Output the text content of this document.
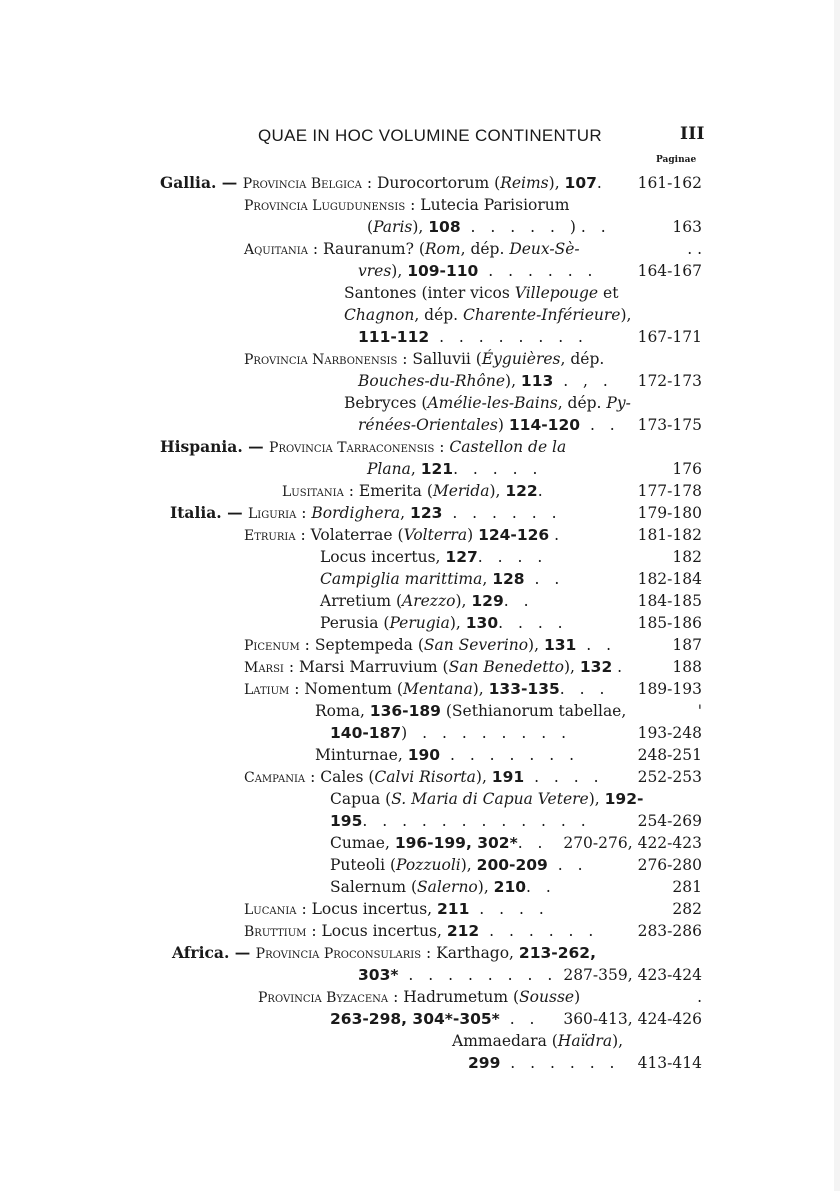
QUAE IN HOC VOLUMINE CONTINENTUR	III
Paginae
Gallia. — Provincia Belgica : Durocortorum (Reims), 107. 161-162
Provincia Lugudunensis : Lutecia Parisiorum
(Paris), 108 . . . . . ). .	163
Aquitania : Rauranum? (Rom, dép. Deux-Sè-	. .
vres), 109-110 . . . . . .	164-167
Santones (inter vicos Villepouge et
Chagnon, dép. Charente-Inférieure),
111-112 . . . . . . . .	167-171
Provincia Narbonensis : Salluvii (Éyguières, dép.
Bouches-du-Rhône), 113 . , . 172-173
Bebryces (Amélie-les-Bains, dép. Py-
rénées-Orientales) 114-120 . . 173-175
Hispania. — Provincia Tarraconensis : Castellon de la
Plana, 121. . . . .	176
Lusitania : Emerita (Merida), 122.	177-178
Italia. — Liguria : Bordighera, 123 . . . . . .	179-180
Etruria : Volaterrae (Volterra) 124-126 .	181-182
Locus incertus, 127. . . .	182
Campiglia marittima, 128 . .	182-184
Arretium (Arezzo), 129. .	184-185
Perusia (Perugia), 130. . . .	185-186
Picenum : Septempeda (San Severino), 131 . .	187
Marsi : Marsi Marruvium (San Benedetto), 132 .	188
Latium : Nomentum (Mentana), 133-135. . . 189-193
Roma, 136-189 (Sethianorum tabellae,	'
140-187) . . . . . . . .	193-248
Minturnae, 190 . . . . . . .	248-251
Campania : Cales (Calvi Risorta), 191 . . . . 252-253
Capua (S. Maria di Capua Vetere), 192-
195. . . . . . . . . . . .	254-269
Cumae, 196-199, 302*. . 270-276, 422-423
Puteoli (Pozzuoli), 200-209 . .	276-280
Salernum (Salerno), 210. .	281
Lucania : Locus incertus, 211 . . . .	282
Bruttium : Locus incertus, 212 . . . . . .	283-286
Africa. — Provincia Proconsularis : Karthago, 213-262,
303* . . . . . . . . 287-359, 423-424
Provincia Byzacena : Hadrumetum (Sousse)	.
263-298, 304*-305* . . 360-413, 424-426
Ammaedara (Haïdra),
299 . . . . . . 413-414
